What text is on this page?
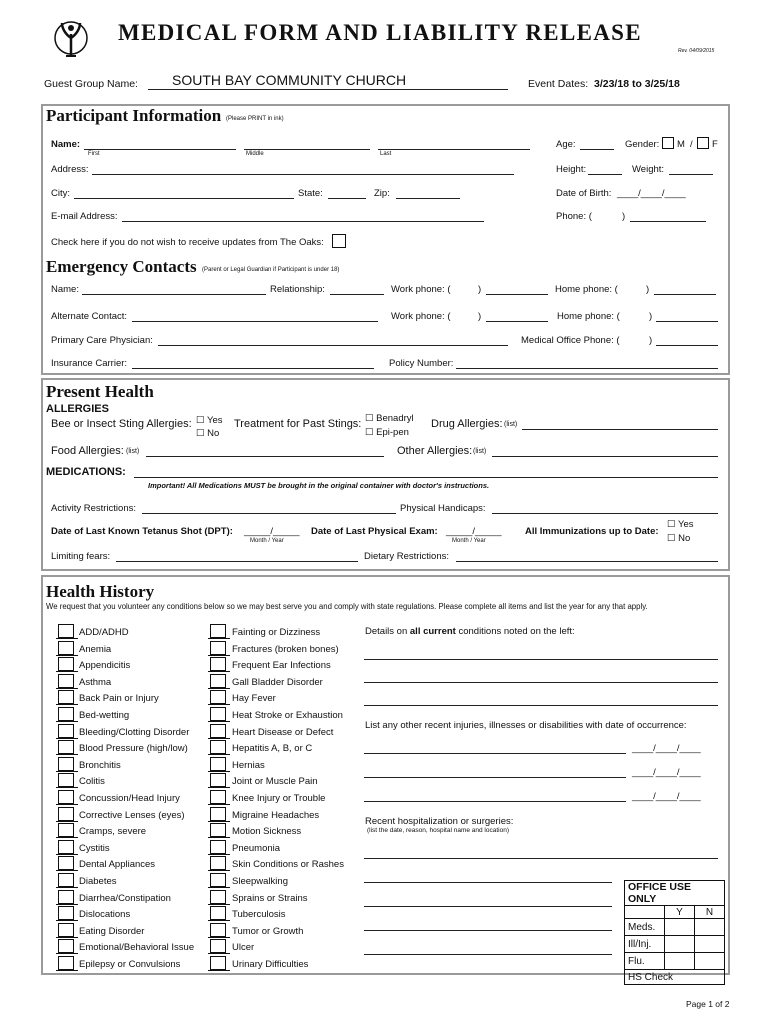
MEDICAL FORM AND LIABILITY RELEASE
Rev. 04/09/2015
Guest Group Name: SOUTH BAY COMMUNITY CHURCH	Event Dates: 3/23/18 to 3/25/18
Participant Information (Please PRINT in ink)
Name:
First	Middle	Last
Age:	Gender: M / F
Address:	Height:	Weight:
City:	State:	Zip:	Date of Birth: ____/____/____
E-mail Address:	Phone: (	)
Check here if you do not wish to receive updates from The Oaks:
Emergency Contacts (Parent or Legal Guardian if Participant is under 18)
Name:	Relationship:	Work phone: (	)	Home phone: (	)
Alternate Contact:	Work phone: (	)	Home phone: (	)
Primary Care Physician:	Medical Office Phone: (	)
Insurance Carrier:	Policy Number:
Present Health
ALLERGIES
Bee or Insect Sting Allergies: ☐ Yes
☐ No
Treatment for Past Stings: ☐ Benadryl
☐ Epi-pen
Drug Allergies: (list)
Food Allergies: (list)	Other Allergies: (list)
MEDICATIONS:
Important! All Medications MUST be brought in the original container with doctor's instructions.
Activity Restrictions:	Physical Handicaps:
Date of Last Known Tetanus Shot (DPT): _____/_____
Month / Year
Date of Last Physical Exam: _____/_____
Month / Year
All Immunizations up to Date:
☐ Yes
☐ No
Limiting fears:	Dietary Restrictions:
Health History
We request that you volunteer any conditions below so we may best serve you and comply with state regulations. Please complete all items and list the year for any that apply.
ADD/ADHD
Anemia
Appendicitis
Asthma
Back Pain or Injury
Bed-wetting
Bleeding/Clotting Disorder
Blood Pressure (high/low)
Bronchitis
Colitis
Concussion/Head Injury
Corrective Lenses (eyes)
Cramps, severe
Cystitis
Dental Appliances
Diabetes
Diarrhea/Constipation
Dislocations
Eating Disorder
Emotional/Behavioral Issue
Epilepsy or Convulsions
Fainting or Dizziness
Fractures (broken bones)
Frequent Ear Infections
Gall Bladder Disorder
Hay Fever
Heat Stroke or Exhaustion
Heart Disease or Defect
Hepatitis A, B, or C
Hernias
Joint or Muscle Pain
Knee Injury or Trouble
Migraine Headaches
Motion Sickness
Pneumonia
Skin Conditions or Rashes
Sleepwalking
Sprains or Strains
Tuberculosis
Tumor or Growth
Ulcer
Urinary Difficulties
Details on all current conditions noted on the left:
List any other recent injuries, illnesses or disabilities with date of occurrence:
____/____/____
____/____/____
____/____/____
Recent hospitalization or surgeries:
(list the date, reason, hospital name and location)
OFFICE USE ONLY		
	Y	N
Meds.		
Ill/Inj.		
Flu.		
HS Check		
Page 1 of 2
